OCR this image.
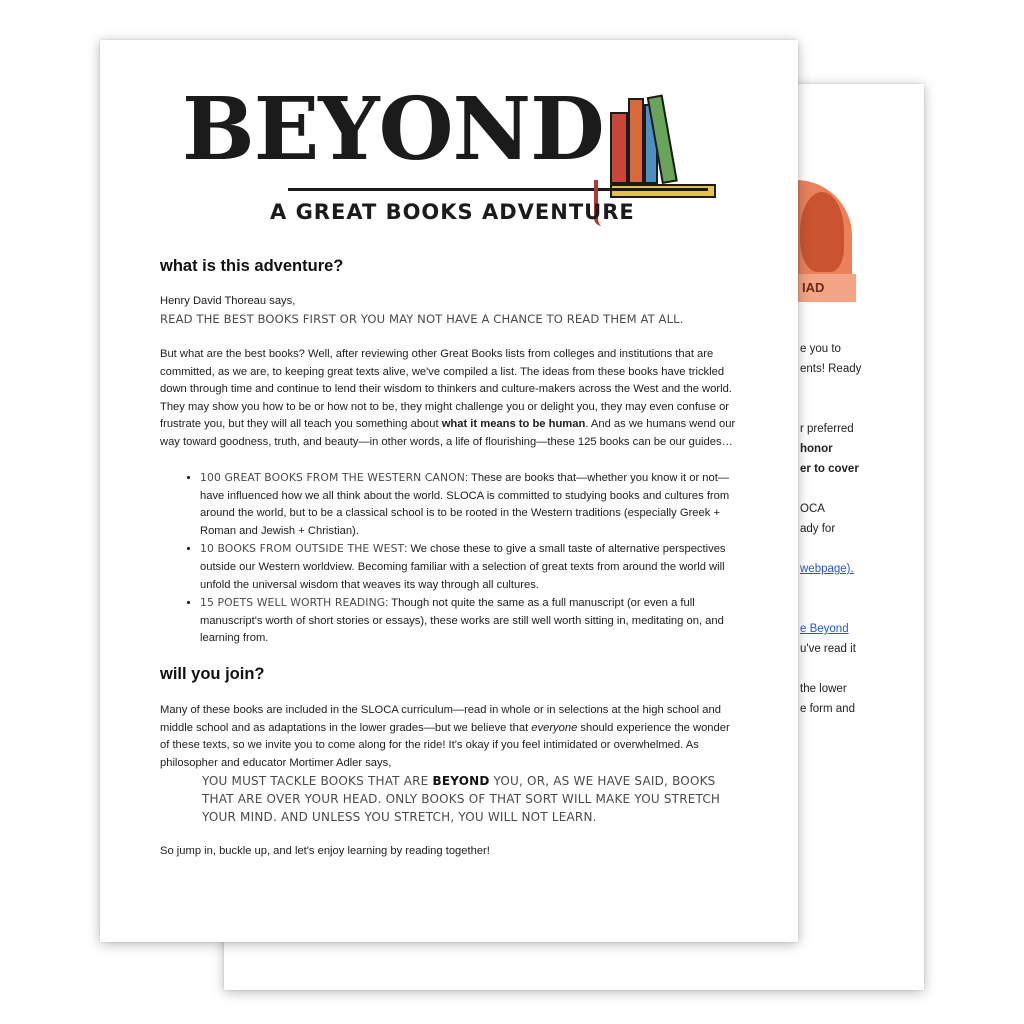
IAD
e you to
ents! Ready
r preferred
honor
er to cover
OCA
ady for
webpage).
e Beyond
u've read it
the lower
e form and
BEYOND
A GREAT BOOKS ADVENTURE
what is this adventure?
Henry David Thoreau says,
READ THE BEST BOOKS FIRST OR YOU MAY NOT HAVE A CHANCE TO READ THEM AT ALL.
But what are the best books? Well, after reviewing other Great Books lists from colleges and institutions that are committed, as we are, to keeping great texts alive, we've compiled a list. The ideas from these books have trickled down through time and continue to lend their wisdom to thinkers and culture-makers across the West and the world. They may show you how to be or how not to be, they might challenge you or delight you, they may even confuse or frustrate you, but they will all teach you something about what it means to be human. And as we humans wend our way toward goodness, truth, and beauty—in other words, a life of flourishing—these 125 books can be our guides…
• 100 GREAT BOOKS FROM THE WESTERN CANON: These are books that—whether you know it or not—have influenced how we all think about the world. SLOCA is committed to studying books and cultures from around the world, but to be a classical school is to be rooted in the Western traditions (especially Greek + Roman and Jewish + Christian).
• 10 BOOKS FROM OUTSIDE THE WEST: We chose these to give a small taste of alternative perspectives outside our Western worldview. Becoming familiar with a selection of great texts from around the world will unfold the universal wisdom that weaves its way through all cultures.
• 15 POETS WELL WORTH READING: Though not quite the same as a full manuscript (or even a full manuscript's worth of short stories or essays), these works are still well worth sitting in, meditating on, and learning from.
will you join?
Many of these books are included in the SLOCA curriculum—read in whole or in selections at the high school and middle school and as adaptations in the lower grades—but we believe that everyone should experience the wonder of these texts, so we invite you to come along for the ride! It's okay if you feel intimidated or overwhelmed. As philosopher and educator Mortimer Adler says,
YOU MUST TACKLE BOOKS THAT ARE BEYOND YOU, OR, AS WE HAVE SAID, BOOKS THAT ARE OVER YOUR HEAD. ONLY BOOKS OF THAT SORT WILL MAKE YOU STRETCH YOUR MIND. AND UNLESS YOU STRETCH, YOU WILL NOT LEARN.
So jump in, buckle up, and let's enjoy learning by reading together!
